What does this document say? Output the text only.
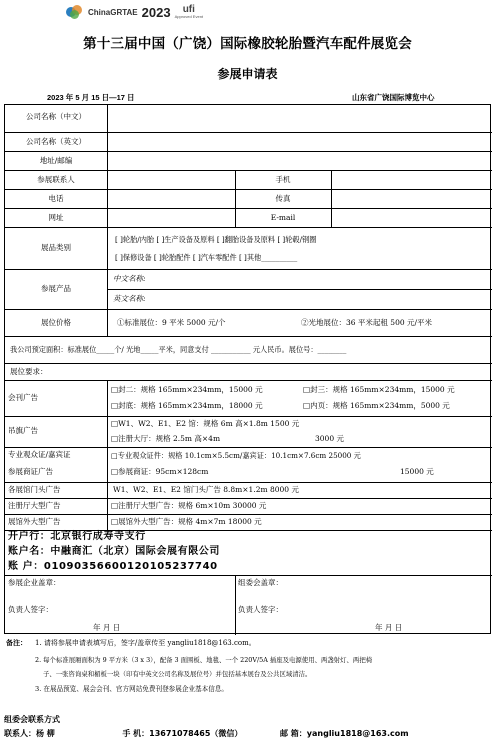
ChinaGRTAE 2023 ufi
Approved Event
第十三届中国（广饶）国际橡胶轮胎暨汽车配件展览会
参展申请表
2023 年 5 月 15 日—17 日	山东省广饶国际博览中心
公司名称（中文）
公司名称（英文）
地址/邮编
参展联系人	手机
电话	传真
网址	E-mail
展品类别
[ ]轮胎/内胎 [ ]生产设备及原料 [ ]翻胎设备及原料 [ ]轮毂/钢圈
[ ]保修设备 [ ]轮胎配件 [ ]汽车零配件 [ ]其他__________
参展产品
中文名称:
英文名称:
展位价格	①标准展位：9 平米 5000 元/个	②光地展位：36 平米起租 500 元/平米
我公司预定面积：标准展位_____个/ 光地_____平米，同意支付 ___________ 元人民币。展位号：________
展位要求：
会刊广告
□封二：规格 165mm×234mm，15000 元	□封三：规格 165mm×234mm，15000 元
□封底：规格 165mm×234mm，18000 元	□内页：规格 165mm×234mm，5000 元
吊旗广告
□W1、W2、E1、E2 馆：规格 6m 高×1.8m 1500 元
□注册大厅：规格 2.5m 高×4m	3000 元
专业观众证/嘉宾证
参展商证广告
□专业观众证件：规格 10.1cm×5.5cm/嘉宾证：10.1cm×7.6cm 25000 元
□参展商证：95cm×128cm	15000 元
各展馆门头广告	W1、W2、E1、E2 馆门头广告 8.8m×1.2m 8000 元
注册厅大型广告	□注册厅大型广告：规格 6m×10m 30000 元
展馆外大型广告	□展馆外大型广告：规格 4m×7m 18000 元
开户行：北京银行成寿寺支行
账户名：中融商汇（北京）国际会展有限公司
账 户：01090356600120105237740
参展企业盖章：
负责人签字：
年 月 日
组委会盖章：
负责人签字：
年 月 日
备注： 1. 请将参展申请表填写后，签字/盖章传至 yangliu1818@163.com。
2. 每个标准展厢面积为 9 平方米（3 x 3），配备 3 面围板、地毯、一个 220V/5A 插座及电源使用、两盏射灯、两把椅
子、一张咨询桌和楣板一块（印有中英文公司名称及展位号）并包括基本展台及公共区域清洁。
3. 在展品预览、展会会刊、官方网站免费刊登参展企业基本信息。
组委会联系方式
联系人：杨 柳	手 机：13671078465（微信）	邮 箱：yangliu1818@163.com
